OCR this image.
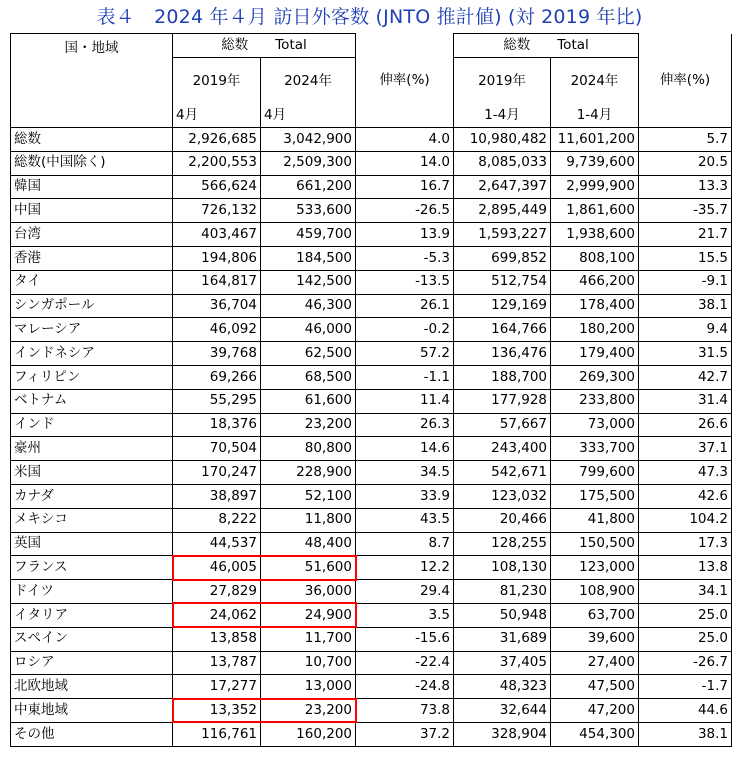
表４　2024 年４月 訪日外客数 (JNTO 推計値) (対 2019 年比)
国・地域	総数　　Total		伸率(%)	総数　　Total		伸率(%)
	2019年	2024年		2019年	2024年	
	4月	4月		1-4月	1-4月	
総数	2,926,685	3,042,900	4.0	10,980,482	11,601,200	5.7
総数(中国除く)	2,200,553	2,509,300	14.0	8,085,033	9,739,600	20.5
韓国	566,624	661,200	16.7	2,647,397	2,999,900	13.3
中国	726,132	533,600	-26.5	2,895,449	1,861,600	-35.7
台湾	403,467	459,700	13.9	1,593,227	1,938,600	21.7
香港	194,806	184,500	-5.3	699,852	808,100	15.5
タイ	164,817	142,500	-13.5	512,754	466,200	-9.1
シンガポール	36,704	46,300	26.1	129,169	178,400	38.1
マレーシア	46,092	46,000	-0.2	164,766	180,200	9.4
インドネシア	39,768	62,500	57.2	136,476	179,400	31.5
フィリピン	69,266	68,500	-1.1	188,700	269,300	42.7
ベトナム	55,295	61,600	11.4	177,928	233,800	31.4
インド	18,376	23,200	26.3	57,667	73,000	26.6
豪州	70,504	80,800	14.6	243,400	333,700	37.1
米国	170,247	228,900	34.5	542,671	799,600	47.3
カナダ	38,897	52,100	33.9	123,032	175,500	42.6
メキシコ	8,222	11,800	43.5	20,466	41,800	104.2
英国	44,537	48,400	8.7	128,255	150,500	17.3
フランス	46,005	51,600	12.2	108,130	123,000	13.8
ドイツ	27,829	36,000	29.4	81,230	108,900	34.1
イタリア	24,062	24,900	3.5	50,948	63,700	25.0
スペイン	13,858	11,700	-15.6	31,689	39,600	25.0
ロシア	13,787	10,700	-22.4	37,405	27,400	-26.7
北欧地域	17,277	13,000	-24.8	48,323	47,500	-1.7
中東地域	13,352	23,200	73.8	32,644	47,200	44.6
その他	116,761	160,200	37.2	328,904	454,300	38.1
